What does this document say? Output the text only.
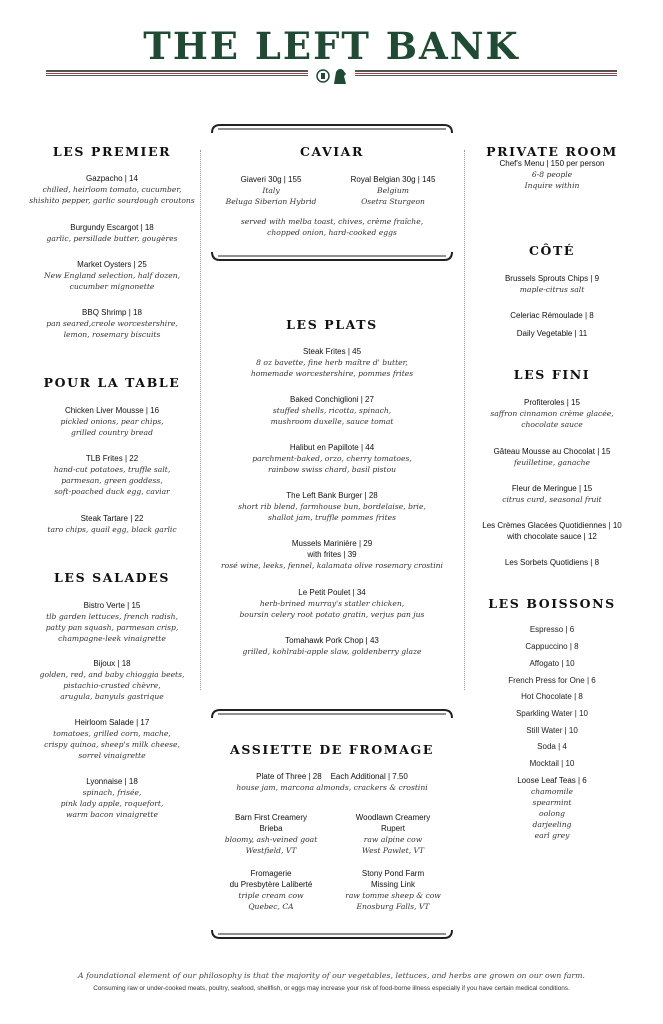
THE LEFT BANK
LES PREMIER
Gazpacho | 14
chilled, heirloom tomato, cucumber,
shishito pepper, garlic sourdough croutons
Burgundy Escargot | 18
garlic, persillade butter, gougères
Market Oysters | 25
New England selection, half dozen,
cucumber mignonette
BBQ Shrimp | 18
pan seared,creole worcestershire,
lemon, rosemary biscuits
POUR LA TABLE
Chicken Liver Mousse | 16
pickled onions, pear chips,
grilled country bread
TLB Frites | 22
hand-cut potatoes, truffle salt,
parmesan, green goddess,
soft-poached duck egg, caviar
Steak Tartare | 22
taro chips, quail egg, black garlic
LES SALADES
Bistro Verte | 15
tlb garden lettuces, french radish,
patty pan squash, parmesan crisp,
champagne-leek vinaigrette
Bijoux | 18
golden, red, and baby chioggia beets,
pistachio-crusted chèvre,
arugula, banyuls gastrique
Heirloom Salade | 17
tomatoes, grilled corn, mache,
crispy quinoa, sheep's milk cheese,
sorrel vinaigrette
Lyonnaise | 18
spinach, frisée,
pink lady apple, roquefort,
warm bacon vinaigrette
CAVIAR
Giaveri 30g | 155
Italy
Beluga Siberian Hybrid
Royal Belgian 30g | 145
Belgium
Osetra Sturgeon
served with melba toast, chives, crème fraîche,
chopped onion, hard-cooked eggs
LES PLATS
Steak Frites | 45
8 oz bavette, fine herb maître d' butter,
homemade worcestershire, pommes frites
Baked Conchiglioni | 27
stuffed shells, ricotta, spinach,
mushroom duxelle, sauce tomat
Halibut en Papillote | 44
parchment-baked, orzo, cherry tomatoes,
rainbow swiss chard, basil pistou
The Left Bank Burger | 28
short rib blend, farmhouse bun, bordelaise, brie,
shallot jam, truffle pommes frites
Mussels Marinière | 29
with frites | 39
rosé wine, leeks, fennel, kalamata olive rosemary crostini
Le Petit Poulet | 34
herb-brined murray's statler chicken,
boursin celery root potato gratin, verjus pan jus
Tomahawk Pork Chop | 43
grilled, kohlrabi-apple slaw, goldenberry glaze
ASSIETTE DE FROMAGE
Plate of Three | 28    Each Additional | 7.50
house jam, marcona almonds, crackers & crostini
Barn First Creamery
Brieba
bloomy, ash-veined goat
Westfield, VT
Woodlawn Creamery
Rupert
raw alpine cow
West Pawlet, VT
Fromagerie
du Presbytère Laliberté
triple cream cow
Quebec, CA
Stony Pond Farm
Missing Link
raw tomme sheep & cow
Enosburg Falls, VT
PRIVATE ROOM
Chef's Menu | 150 per person
6-8 people
Inquire within
CÔTÉ
Brussels Sprouts Chips | 9
maple-citrus salt
Celeriac Rémoulade | 8
Daily Vegetable | 11
LES FINI
Profiteroles | 15
saffron cinnamon crème glacée,
chocolate sauce
Gâteau Mousse au Chocolat | 15
feuilletine, ganache
Fleur de Meringue | 15
citrus curd, seasonal fruit
Les Crèmes Glacées Quotidiennes | 10
with chocolate sauce | 12
Les Sorbets Quotidiens | 8
LES BOISSONS
Espresso | 6
Cappuccino | 8
Affogato | 10
French Press for One | 6
Hot Chocolate | 8
Sparkling Water | 10
Still Water | 10
Soda | 4
Mocktail | 10
Loose Leaf Teas | 6
chamomile
spearmint
oolong
darjeeling
earl grey
A foundational element of our philosophy is that the majority of our vegetables, lettuces, and herbs are grown on our own farm.
Consuming raw or under-cooked meats, poultry, seafood, shellfish, or eggs may increase your risk of food-borne illness especially if you have certain medical conditions.
